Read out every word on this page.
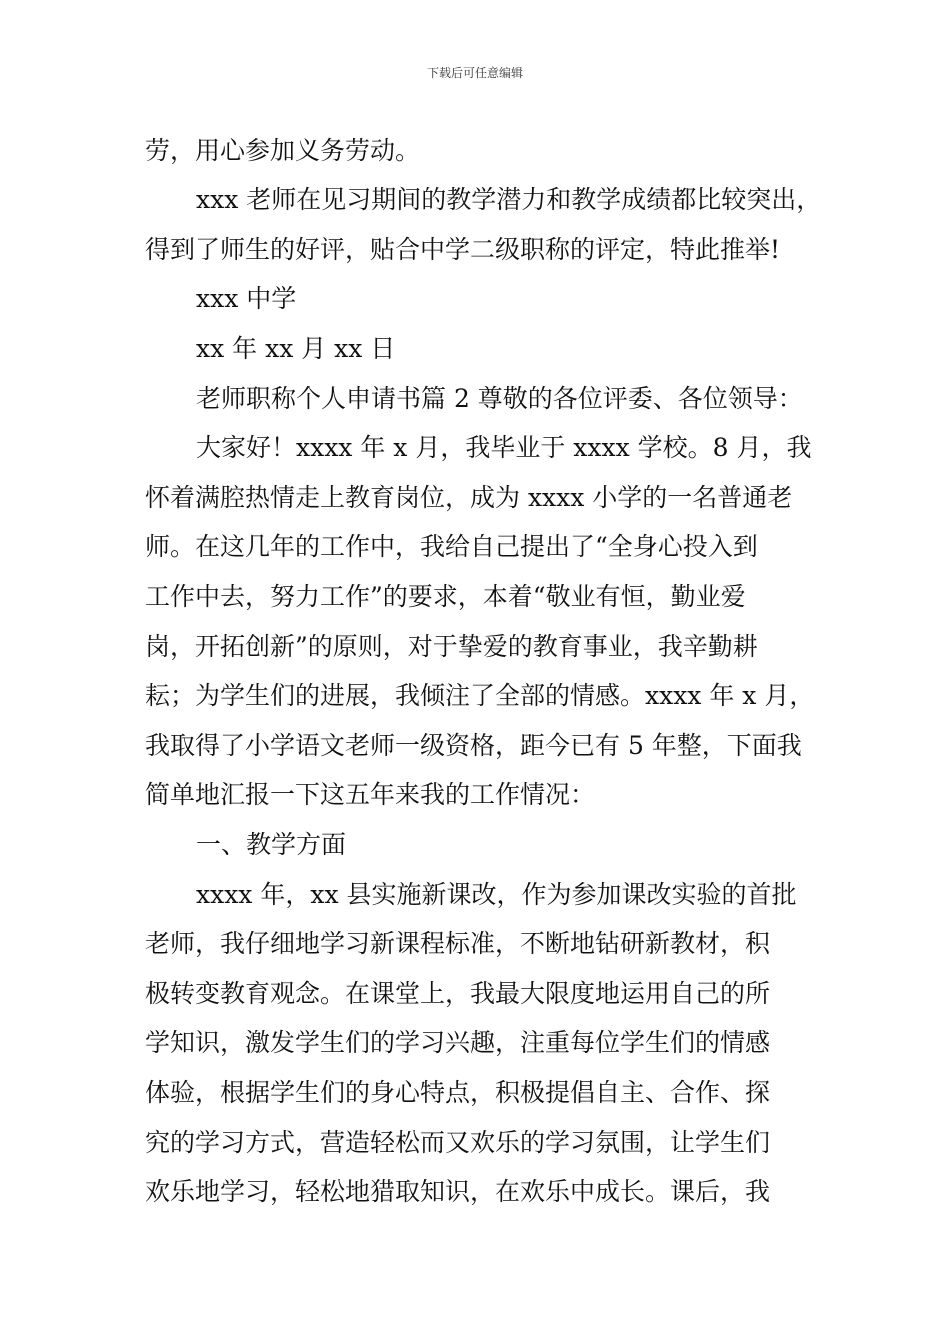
下载后可任意编辑
劳，用心参加义务劳动。
xxx 老师在见习期间的教学潜力和教学成绩都比较突出，
得到了师生的好评，贴合中学二级职称的评定，特此推举!
xxx 中学
xx 年 xx 月 xx 日
老师职称个人申请书篇 2 尊敬的各位评委、各位领导：
大家好！xxxx 年 x 月，我毕业于 xxxx 学校。8 月，我
怀着满腔热情走上教育岗位，成为 xxxx 小学的一名普通老
师。在这几年的工作中，我给自己提出了“全身心投入到
工作中去，努力工作”的要求，本着“敬业有恒，勤业爱
岗，开拓创新”的原则，对于挚爱的教育事业，我辛勤耕
耘；为学生们的进展，我倾注了全部的情感。xxxx 年 x 月，
我取得了小学语文老师一级资格，距今已有 5 年整，下面我
简单地汇报一下这五年来我的工作情况：
一、教学方面
xxxx 年，xx 县实施新课改，作为参加课改实验的首批
老师，我仔细地学习新课程标准，不断地钻研新教材，积
极转变教育观念。在课堂上，我最大限度地运用自己的所
学知识，激发学生们的学习兴趣，注重每位学生们的情感
体验，根据学生们的身心特点，积极提倡自主、合作、探
究的学习方式，营造轻松而又欢乐的学习氛围，让学生们
欢乐地学习，轻松地猎取知识，在欢乐中成长。课后，我
